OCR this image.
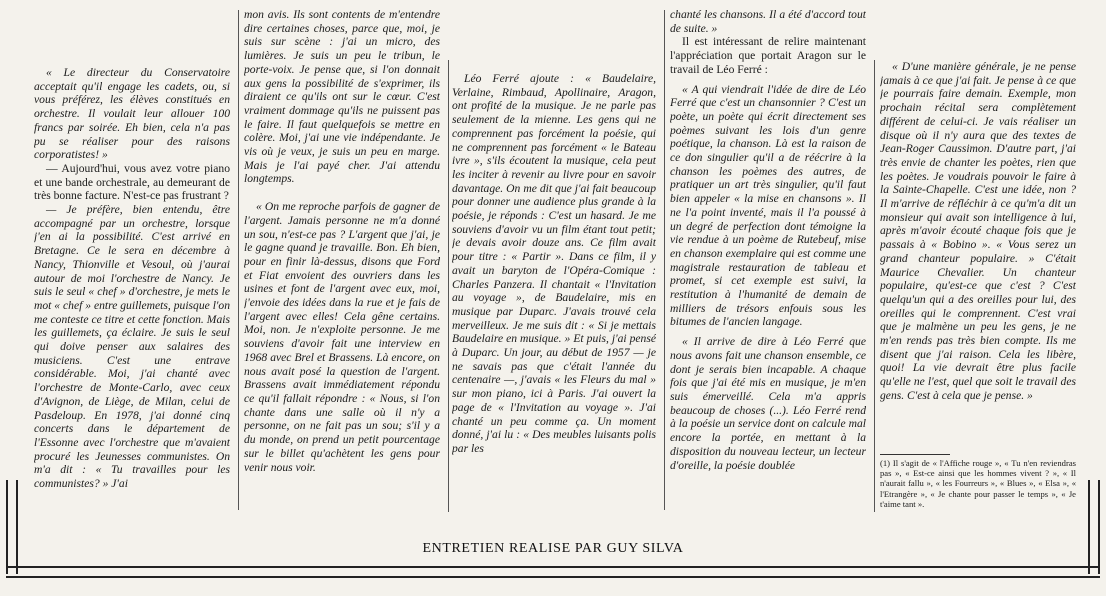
« Le directeur du Conservatoire acceptait qu'il engage les cadets, ou, si vous préférez, les élèves constitués en orchestre. Il voulait leur allouer 100 francs par soirée. Eh bien, cela n'a pas pu se réaliser pour des raisons corporatistes! »

— Aujourd'hui, vous avez votre piano et une bande orchestrale, au demeurant de très bonne facture. N'est-ce pas frustrant ?

— Je préfère, bien entendu, être accompagné par un orchestre, lorsque j'en ai la possibilité. C'est arrivé en Bretagne. Ce le sera en décembre à Nancy, Thionville et Vesoul, où j'aurai autour de moi l'orchestre de Nancy. Je suis le seul « chef » d'orchestre, je mets le mot « chef » entre guillemets, puisque l'on me conteste ce titre et cette fonction. Mais les guillemets, ça éclaire. Je suis le seul qui doive penser aux salaires des musiciens. C'est une entrave considérable. Moi, j'ai chanté avec l'orchestre de Monte-Carlo, avec ceux d'Avignon, de Liège, de Milan, celui de Pasdeloup. En 1978, j'ai donné cinq concerts dans le département de l'Essonne avec l'orchestre que m'avaient procuré les Jeunesses communistes. On m'a dit : « Tu travailles pour les communistes? » J'ai

mon avis. Ils sont contents de m'entendre dire certaines choses, parce que, moi, je suis sur scène : j'ai un micro, des lumières. Je suis un peu le tribun, le porte-voix. Je pense que, si l'on donnait aux gens la possibilité de s'exprimer, ils diraient ce qu'ils ont sur le cœur. C'est vraiment dommage qu'ils ne puissent pas le faire. Il faut quelquefois se mettre en colère. Moi, j'ai une vie indépendante. Je vis où je veux, je suis un peu en marge. Mais je l'ai payé cher. J'ai attendu longtemps.

« On me reproche parfois de gagner de l'argent. Jamais personne ne m'a donné un sou, n'est-ce pas ? L'argent que j'ai, je le gagne quand je travaille. Bon. Eh bien, pour en finir là-dessus, disons que Ford et Fiat envoient des ouvriers dans les usines et font de l'argent avec eux, moi, j'envoie des idées dans la rue et je fais de l'argent avec elles! Cela gêne certains. Moi, non. Je n'exploite personne. Je me souviens d'avoir fait une interview en 1968 avec Brel et Brassens. Là encore, on nous avait posé la question de l'argent. Brassens avait immédiatement répondu ce qu'il fallait répondre : « Nous, si l'on chante dans une salle où il n'y a personne, on ne fait pas un sou; s'il y a du monde, on prend un petit pourcentage sur le billet qu'achètent les gens pour venir nous voir.

Léo Ferré ajoute : « Baudelaire, Verlaine, Rimbaud, Apollinaire, Aragon, ont profité de la musique. Je ne parle pas seulement de la mienne. Les gens qui ne comprennent pas forcément la poésie, qui ne comprennent pas forcément « le Bateau ivre », s'ils écoutent la musique, cela peut les inciter à revenir au livre pour en savoir davantage. On me dit que j'ai fait beaucoup pour donner une audience plus grande à la poésie, je réponds : C'est un hasard. Je me souviens d'avoir vu un film étant tout petit; je devais avoir douze ans. Ce film avait pour titre : « Partir ». Dans ce film, il y avait un baryton de l'Opéra-Comique : Charles Panzera. Il chantait « l'Invitation au voyage », de Baudelaire, mis en musique par Duparc. J'avais trouvé cela merveilleux. Je me suis dit : « Si je mettais Baudelaire en musique. » Et puis, j'ai pensé à Duparc. Un jour, au début de 1957 — je ne savais pas que c'était l'année du centenaire —, j'avais « les Fleurs du mal » sur mon piano, ici à Paris. J'ai ouvert la page de « l'Invitation au voyage ». J'ai chanté un peu comme ça. Un moment donné, j'ai lu : « Des meubles luisants polis par les

chanté les chansons. Il a été d'accord tout de suite. »

Il est intéressant de relire maintenant l'appréciation que portait Aragon sur le travail de Léo Ferré :

« A qui viendrait l'idée de dire de Léo Ferré que c'est un chansonnier ? C'est un poète, un poète qui écrit directement ses poèmes suivant les lois d'un genre poétique, la chanson. Là est la raison de ce don singulier qu'il a de réécrire à la chanson les poèmes des autres, de pratiquer un art très singulier, qu'il faut bien appeler « la mise en chansons ». Il ne l'a point inventé, mais il l'a poussé à un degré de perfection dont témoigne la vie rendue à un poème de Rutebeuf, mise en chanson exemplaire qui est comme une magistrale restauration de tableau et promet, si cet exemple est suivi, la restitution à l'humanité de demain de milliers de trésors enfouis sous les bitumes de l'ancien langage.

« Il arrive de dire à Léo Ferré que nous avons fait une chanson ensemble, ce dont je serais bien incapable. A chaque fois que j'ai été mis en musique, je m'en suis émerveillé. Cela m'a appris beaucoup de choses (...). Léo Ferré rend à la poésie un service dont on calcule mal encore la portée, en mettant à la disposition du nouveau lecteur, un lecteur d'oreille, la poésie doublée

« D'une manière générale, je ne pense jamais à ce que j'ai fait. Je pense à ce que je pourrais faire demain. Exemple, mon prochain récital sera complètement différent de celui-ci. Je vais réaliser un disque où il n'y aura que des textes de Jean-Roger Caussimon. D'autre part, j'ai très envie de chanter les poètes, rien que les poètes. Je voudrais pouvoir le faire à la Sainte-Chapelle. C'est une idée, non ? Il m'arrive de réfléchir à ce qu'm'a dit un monsieur qui avait son intelligence à lui, après m'avoir écouté chaque fois que je passais à « Bobino ». « Vous serez un grand chanteur populaire. » C'était Maurice Chevalier. Un chanteur populaire, qu'est-ce que c'est ? C'est quelqu'un qui a des oreilles pour lui, des oreilles qui le comprennent. C'est vrai que je malmène un peu les gens, je ne m'en rends pas très bien compte. Ils me disent que j'ai raison. Cela les libère, quoi! La vie devrait être plus facile qu'elle ne l'est, quel que soit le travail des gens. C'est à cela que je pense. »

(1) Il s'agit de « l'Affiche rouge », « Tu n'en reviendras pas », « Est-ce ainsi que les hommes vivent ? », « Il n'aurait fallu », « les Fourreurs », « Blues », « Elsa », « l'Etrangère », « Je chante pour passer le temps », « Je t'aime tant ».

ENTRETIEN REALISE PAR GUY SILVA
